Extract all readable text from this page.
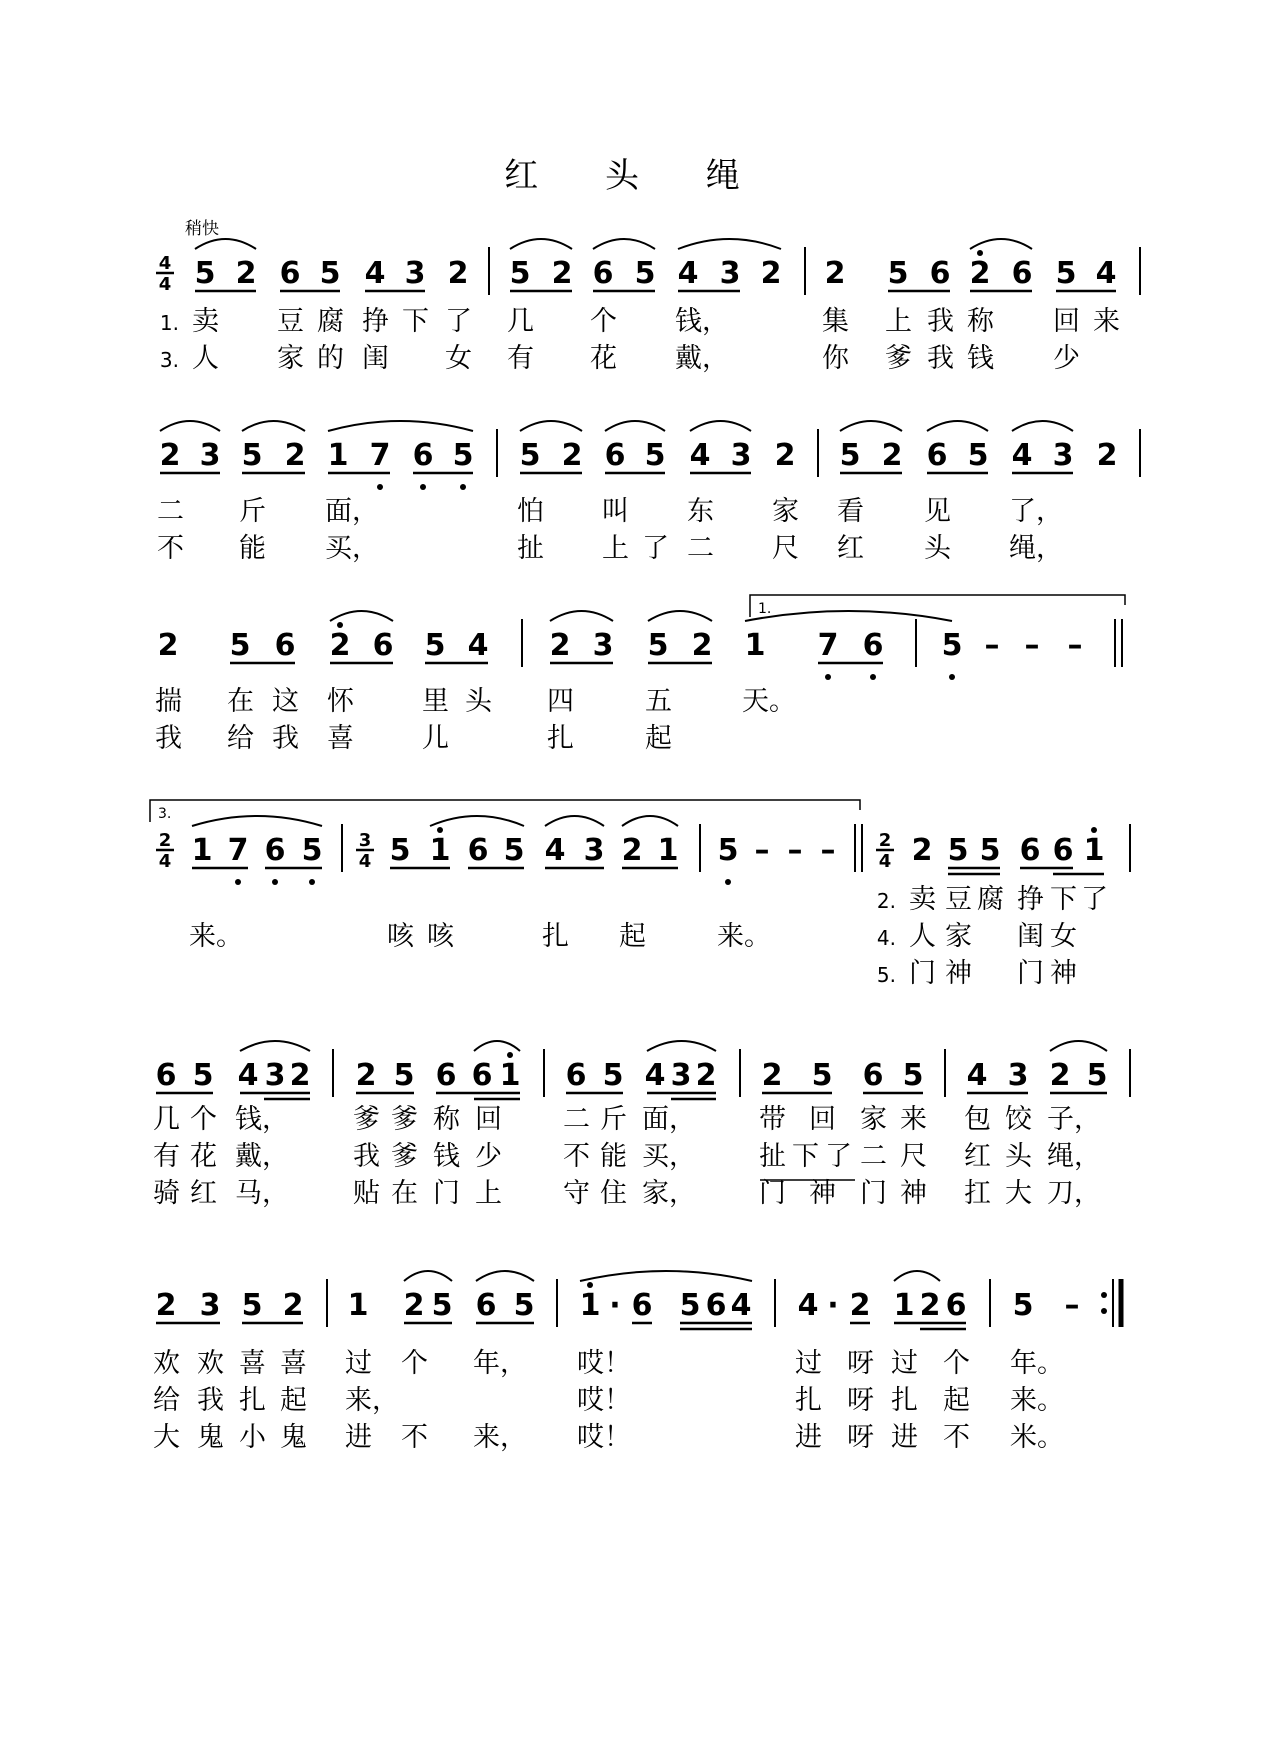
红 头 绳
稍快
4
4 5 2 6 5 4 3 2 5 2 6 5 4 3 2 2 5 6 2 6 5 4
1. 卖 豆 腐 挣 下 了 几 个 钱，	集 上 我 称 回 来
3. 人 家 的 闺 女 有 花 戴，	你 爹 我 钱 少
2 3 5 2 1 7 6 5 5 2 6 5 4 3 2 5 2 6 5 4 3 2
二 斤 面，	怕 叫 东 家 看 见 了，
不 能 买，	扯 上 了 二 尺 红 头 绳，
2 5 6 2 6 5 4 2 3 5 2 1 7 6 5 – – –
1.
揣 在 这 怀	里 头 四	五	天。
我 给 我 喜	儿	扎	起
2
4 1 7 6 5 3
4 5 1 6 5 4 3 2 1 5 – – – 2
4 2 5 5 6 6 1
3.
来。	咳 咳	扎 起	来。
2. 卖 豆 腐 挣 下 了
4. 人 家 闺 女
5. 门 神 门 神
6 5 4 3 2 2 5 6 6 1 6 5 4 3 2 2 5 6 5 4 3 2 5
几 个 钱， 爹 爹 称 回 二 斤 面， 带 回 家 来 包 饺 子，
有 花 戴， 我 爹 钱 少 不 能 买， 扯 下 了 二 尺 红 头 绳，
骑 红 马， 贴 在 门 上 守 住 家， 门 神 门 神 扛 大 刀，
2 3 5 2 1 2 5 6 5 1 · 6 5 6 4 4 · 2 1 2 6 5 –
欢 欢 喜 喜 过 个 年， 哎！	过 呀 过 个 年。
给 我 扎 起 来，	哎！	扎 呀 扎 起 来。
大 鬼 小 鬼 进 不 来， 哎！	进 呀 进 不 米。
